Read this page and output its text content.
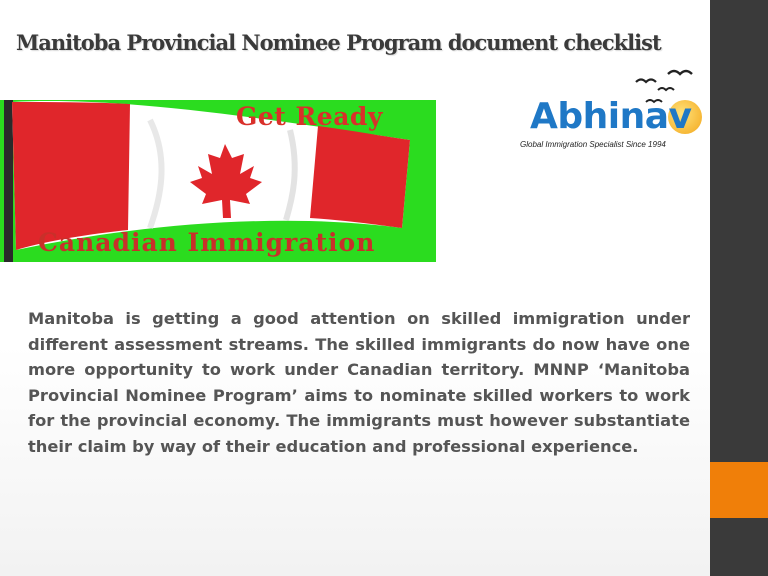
Manitoba Provincial Nominee Program document checklist
Get Ready
Canadian Immigration
Abhinav
Global Immigration Specialist Since 1994
Manitoba is getting a good attention on skilled immigration under different assessment streams. The skilled immigrants do now have one more opportunity to work under Canadian territory. MNNP ‘Manitoba Provincial Nominee Program’ aims to nominate skilled workers to work for the provincial economy. The immigrants must however substantiate their claim by way of their education and professional experience.
